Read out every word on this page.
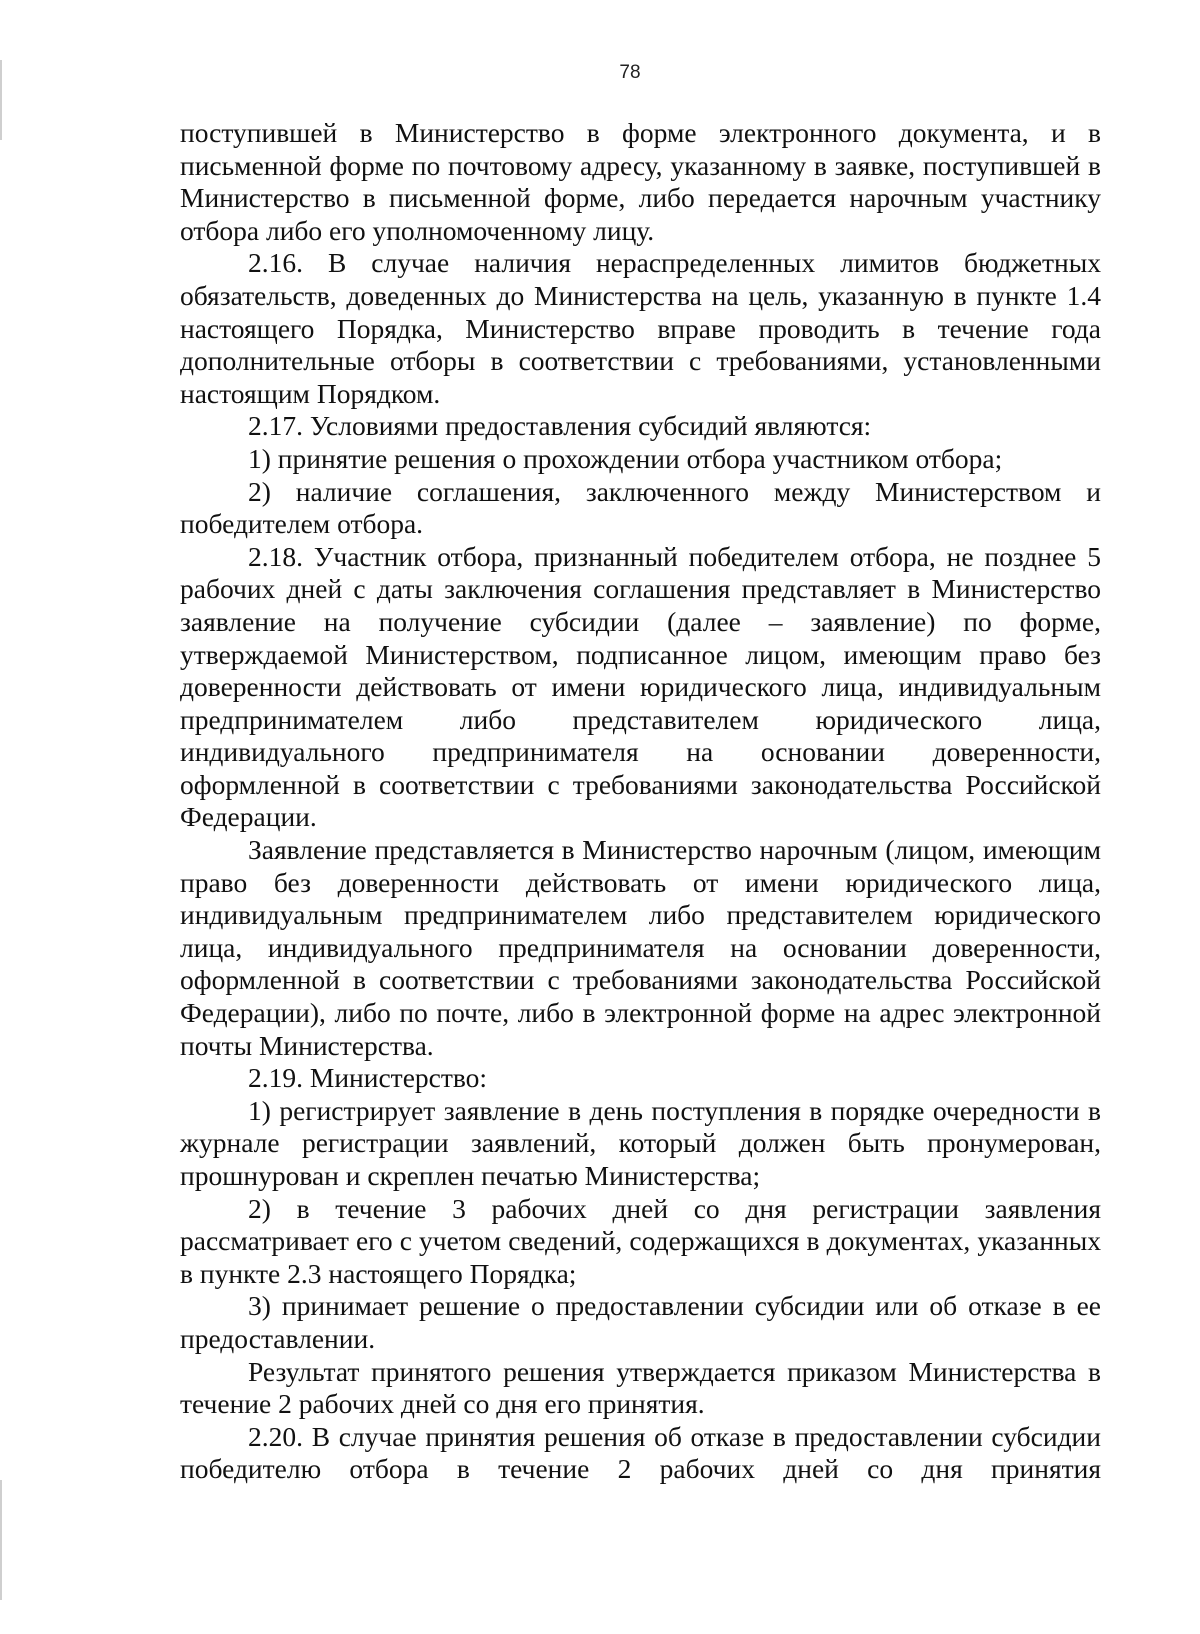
78

поступившей в Министерство в форме электронного документа, и в письменной форме по почтовому адресу, указанному в заявке, поступившей в Министерство в письменной форме, либо передается нарочным участнику отбора либо его уполномоченному лицу.

2.16. В случае наличия нераспределенных лимитов бюджетных обязательств, доведенных до Министерства на цель, указанную в пункте 1.4 настоящего Порядка, Министерство вправе проводить в течение года дополнительные отборы в соответствии с требованиями, установленными настоящим Порядком.

2.17. Условиями предоставления субсидий являются:

1) принятие решения о прохождении отбора участником отбора;

2) наличие соглашения, заключенного между Министерством и победителем отбора.

2.18. Участник отбора, признанный победителем отбора, не позднее 5 рабочих дней с даты заключения соглашения представляет в Министерство заявление на получение субсидии (далее – заявление) по форме, утверждаемой Министерством, подписанное лицом, имеющим право без доверенности действовать от имени юридического лица, индивидуальным предпринимателем либо представителем юридического лица, индивидуального предпринимателя на основании доверенности, оформленной в соответствии с требованиями законодательства Российской Федерации.

Заявление представляется в Министерство нарочным (лицом, имеющим право без доверенности действовать от имени юридического лица, индивидуальным предпринимателем либо представителем юридического лица, индивидуального предпринимателя на основании доверенности, оформленной в соответствии с требованиями законодательства Российской Федерации), либо по почте, либо в электронной форме на адрес электронной почты Министерства.

2.19. Министерство:

1) регистрирует заявление в день поступления в порядке очередности в журнале регистрации заявлений, который должен быть пронумерован, прошнурован и скреплен печатью Министерства;

2) в течение 3 рабочих дней со дня регистрации заявления рассматривает его с учетом сведений, содержащихся в документах, указанных в пункте 2.3 настоящего Порядка;

3) принимает решение о предоставлении субсидии или об отказе в ее предоставлении.

Результат принятого решения утверждается приказом Министерства в течение 2 рабочих дней со дня его принятия.

2.20. В случае принятия решения об отказе в предоставлении субсидии победителю отбора в течение 2 рабочих дней со дня принятия
